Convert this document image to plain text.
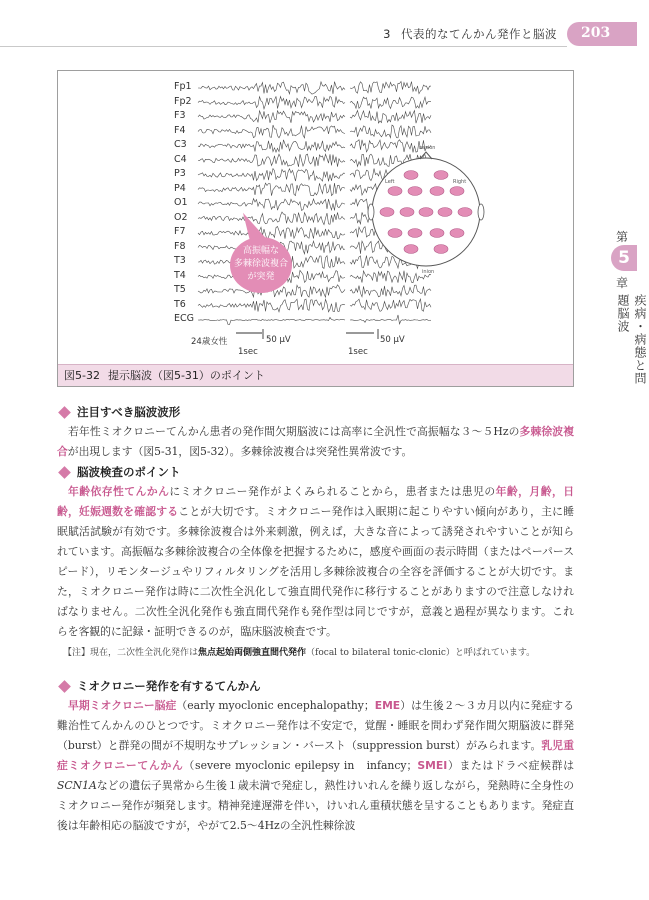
3 代表的なてんかん発作と脳波 203
第
5
章
疾病・病態と問題脳波
Fp1
Fp2
F3
F4
C3
C4
P3
P4
O1
O2
F7
F8
T3
T4
T5
T6
ECG
24歳女性	50 μV
1sec
50 μV
1sec
高振幅な
多棘徐波複合
が突発
nasion
inion
Left	Right
図5-32 提示脳波（図5-31）のポイント
注目すべき脳波波形

若年性ミオクロニーてんかん患者の発作間欠期脳波には高率に全汎性で高振幅な３～５Hzの多棘徐波複合が出現します（図5-31，図5-32）。多棘徐波複合は突発性異常波です。

脳波検査のポイント

年齢依存性てんかんにミオクロニー発作がよくみられることから，患者または患児の年齢，月齢，日齢，妊娠週数を確認することが大切です。ミオクロニー発作は入眠期に起こりやすい傾向があり，主に睡眠賦活試験が有効です。多棘徐波複合は外来刺激，例えば，大きな音によって誘発されやすいことが知られています。高振幅な多棘徐波複合の全体像を把握するために，感度や画面の表示時間（またはペーパースピード），リモンタージュやリフィルタリングを活用し多棘徐波複合の全容を評価することが大切です。また，ミオクロニー発作は時に二次性全汎化して強直間代発作に移行することがありますので注意しなければなりません。二次性全汎化発作も強直間代発作も発作型は同じですが，意義と過程が異なります。これらを客観的に記録・証明できるのが，臨床脳波検査です。

【注】現在，二次性全汎化発作は焦点起始両側強直間代発作（focal to bilateral tonic-clonic）と呼ばれています。

ミオクロニー発作を有するてんかん

早期ミオクロニー脳症（early myoclonic encephalopathy；EME）は生後２～３カ月以内に発症する難治性てんかんのひとつです。ミオクロニー発作は不安定で，覚醒・睡眠を問わず発作間欠期脳波に群発（burst）と群発の間が不規明なサプレッション・バースト（suppression burst）がみられます。乳児重症ミオクロニーてんかん（severe myoclonic epilepsy in　infancy；SMEI）またはドラベ症候群はSCN1Aなどの遺伝子異常から生後１歳未満で発症し，熱性けいれんを繰り返しながら，発熱時に全身性のミオクロニー発作が頻発します。精神発達遅滞を伴い，けいれん重積状態を呈することもあります。発症直後は年齢相応の脳波ですが，やがて2.5～4Hzの全汎性棘徐波
